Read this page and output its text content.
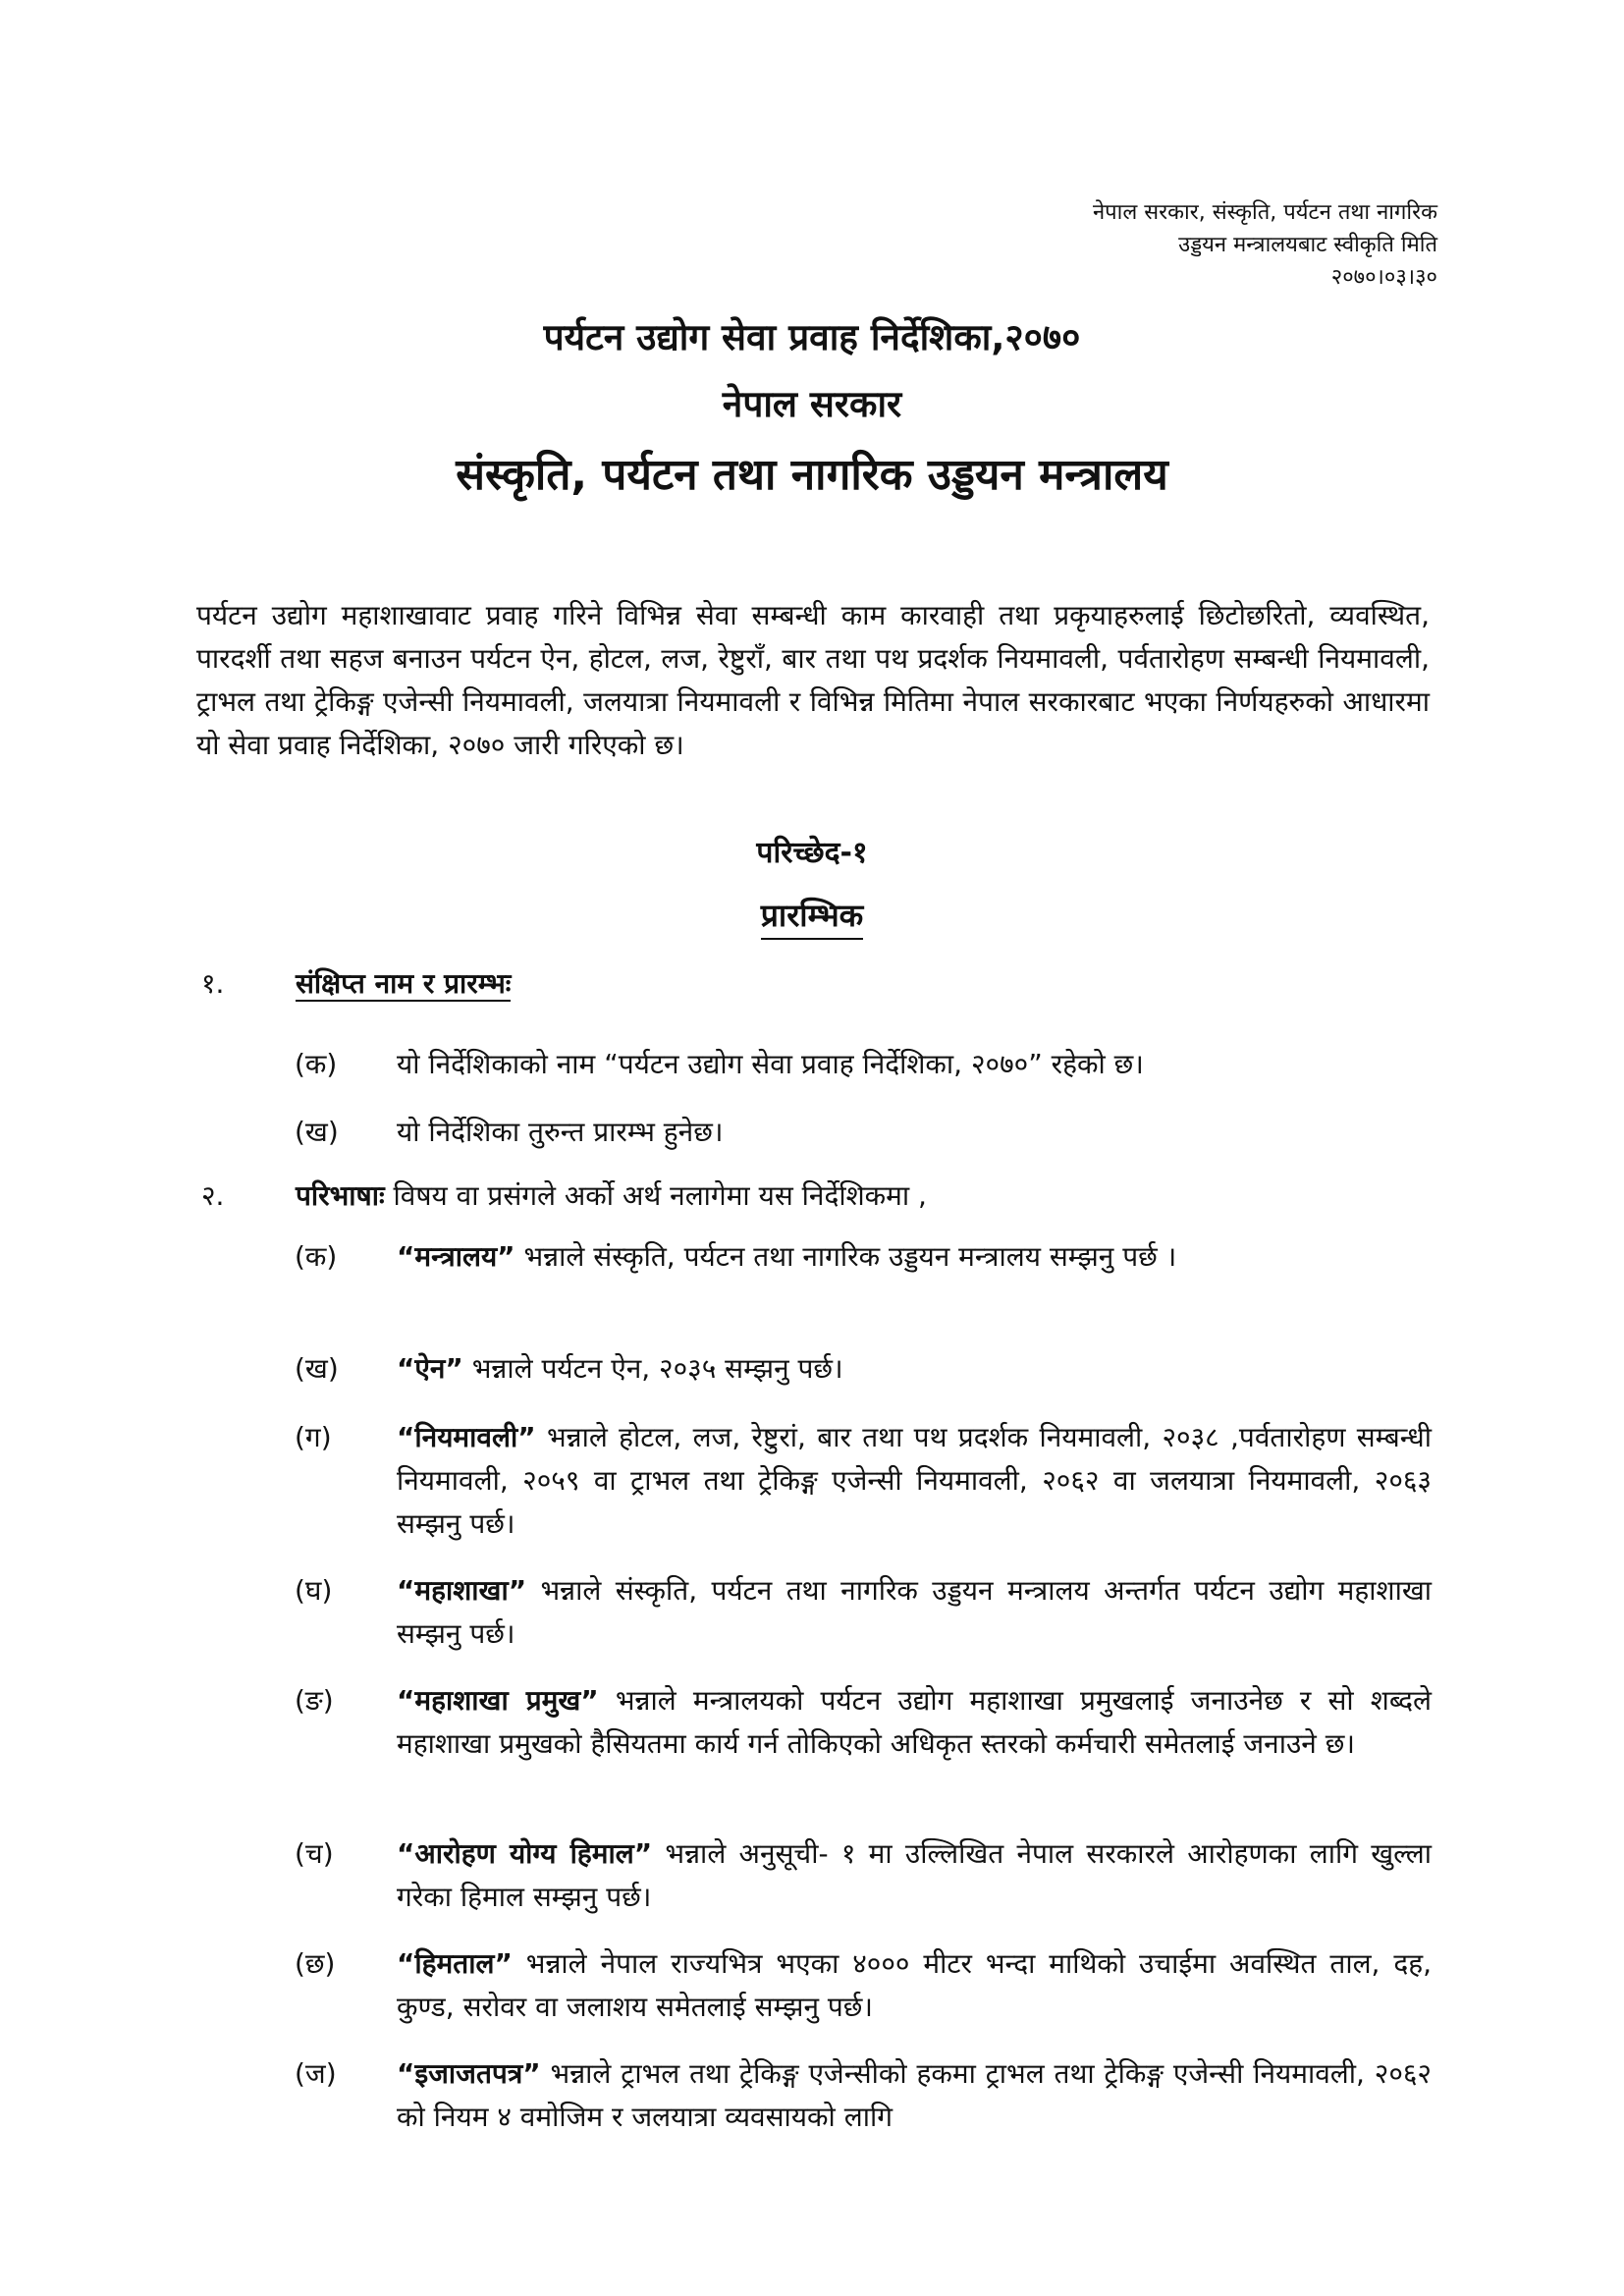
नेपाल सरकार, संस्कृति, पर्यटन तथा नागरिक
उड्डयन मन्त्रालयबाट स्वीकृति मिति
२०७०।०३।३०
पर्यटन उद्योग सेवा प्रवाह निर्देशिका,२०७०
नेपाल सरकार
संस्कृति, पर्यटन तथा नागरिक उड्डयन मन्त्रालय

पर्यटन उद्योग महाशाखावाट प्रवाह गरिने विभिन्न सेवा सम्बन्धी काम कारवाही तथा प्रकृयाहरुलाई छिटोछरितो, व्यवस्थित, पारदर्शी तथा सहज बनाउन पर्यटन ऐन, होटल, लज, रेष्टुराँ, बार तथा पथ प्रदर्शक नियमावली, पर्वतारोहण सम्बन्धी नियमावली, ट्राभल तथा ट्रेकिङ्ग एजेन्सी नियमावली, जलयात्रा नियमावली र विभिन्न मितिमा नेपाल सरकारबाट भएका निर्णयहरुको आधारमा यो सेवा प्रवाह निर्देशिका, २०७० जारी गरिएको छ।

परिच्छेद-१
प्रारम्भिक
१.	संक्षिप्त नाम र प्रारम्भः
(क) यो निर्देशिकाको नाम “पर्यटन उद्योग सेवा प्रवाह निर्देशिका, २०७०” रहेको छ।
(ख) यो निर्देशिका तुरुन्त प्रारम्भ हुनेछ।
२.	परिभाषाः विषय वा प्रसंगले अर्को अर्थ नलागेमा यस निर्देशिकमा ,
(क) “मन्त्रालय” भन्नाले संस्कृति, पर्यटन तथा नागरिक उड्डयन मन्त्रालय सम्झनु पर्छ ।
(ख) “ऐन” भन्नाले पर्यटन ऐन, २०३५ सम्झनु पर्छ।
(ग) “नियमावली” भन्नाले होटल, लज, रेष्टुरां, बार तथा पथ प्रदर्शक नियमावली, २०३८ ,पर्वतारोहण सम्बन्धी नियमावली, २०५९ वा ट्राभल तथा ट्रेकिङ्ग एजेन्सी नियमावली, २०६२ वा जलयात्रा नियमावली, २०६३ सम्झनु पर्छ।
(घ) “महाशाखा” भन्नाले संस्कृति, पर्यटन तथा नागरिक उड्डयन मन्त्रालय अन्तर्गत पर्यटन उद्योग महाशाखा सम्झनु पर्छ।
(ङ) “महाशाखा प्रमुख” भन्नाले मन्त्रालयको पर्यटन उद्योग महाशाखा प्रमुखलाई जनाउनेछ र सो शब्दले महाशाखा प्रमुखको हैसियतमा कार्य गर्न तोकिएको अधिकृत स्तरको कर्मचारी समेतलाई जनाउने छ।
(च) “आरोहण योग्य हिमाल” भन्नाले अनुसूची- १ मा उल्लिखित नेपाल सरकारले आरोहणका लागि खुल्ला गरेका हिमाल सम्झनु पर्छ।
(छ) “हिमताल” भन्नाले नेपाल राज्यभित्र भएका ४००० मीटर भन्दा माथिको उचाईमा अवस्थित ताल, दह, कुण्ड, सरोवर वा जलाशय समेतलाई सम्झनु पर्छ।
(ज) “इजाजतपत्र” भन्नाले ट्राभल तथा ट्रेकिङ्ग एजेन्सीको हकमा ट्राभल तथा ट्रेकिङ्ग एजेन्सी नियमावली, २०६२ को नियम ४ वमोजिम र जलयात्रा व्यवसायको लागि
